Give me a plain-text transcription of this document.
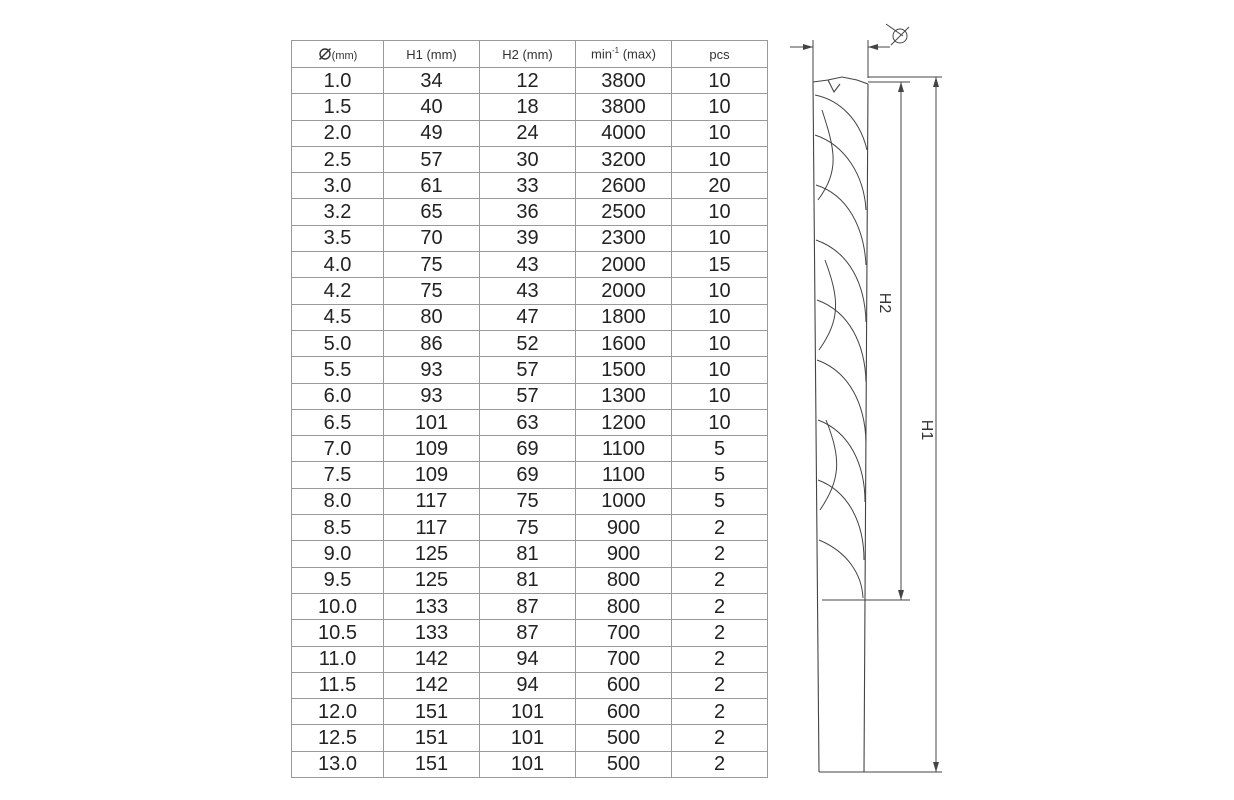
(mm)	H1 (mm)	H2 (mm)	$\min^{-1} (\max)$	pcs
1.0	34	12	3800	10
1.5	40	18	3800	10
2.0	49	24	4000	10
2.5	57	30	3200	10
3.0	61	33	2600	20
3.2	65	36	2500	10
3.5	70	39	2300	10
4.0	75	43	2000	15
4.2	75	43	2000	10
4.5	80	47	1800	10
5.0	86	52	1600	10
5.5	93	57	1500	10
6.0	93	57	1300	10
6.5	101	63	1200	10
7.0	109	69	1100	5
7.5	109	69	1100	5
8.0	117	75	1000	5
8.5	117	75	900	2
9.0	125	81	900	2
9.5	125	81	800	2
10.0	133	87	800	2
10.5	133	87	700	2
11.0	142	94	700	2
11.5	142	94	600	2
12.0	151	101	600	2
12.5	151	101	500	2
13.0	151	101	500	2
H2
H1
